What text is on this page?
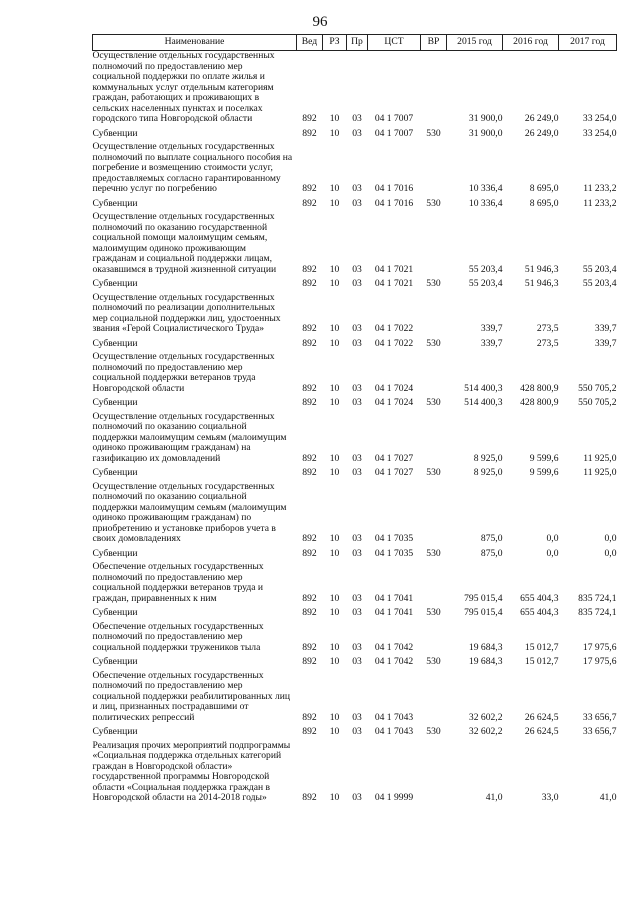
96
Наименование	Вед	РЗ	Пр	ЦСТ	ВР	2015 год	2016 год	2017 год
Осуществление отдельных государственных полномочий по предоставлению мер социальной поддержки по оплате жилья и коммунальных услуг отдельным категориям граждан, работающих и проживающих в сельских населенных пунктах и поселках городского типа Новгородской области	892	10	03	04 1 7007		31 900,0	26 249,0	33 254,0
Субвенции	892	10	03	04 1 7007	530	31 900,0	26 249,0	33 254,0
Осуществление отдельных государственных полномочий по выплате социального пособия на погребение и возмещению стоимости услуг, предоставляемых согласно гарантированному перечню услуг по погребению	892	10	03	04 1 7016		10 336,4	8 695,0	11 233,2
Субвенции	892	10	03	04 1 7016	530	10 336,4	8 695,0	11 233,2
Осуществление отдельных государственных полномочий по оказанию государственной социальной помощи малоимущим семьям, малоимущим одиноко проживающим гражданам и социальной поддержки лицам, оказавшимся в трудной жизненной ситуации	892	10	03	04 1 7021		55 203,4	51 946,3	55 203,4
Субвенции	892	10	03	04 1 7021	530	55 203,4	51 946,3	55 203,4
Осуществление отдельных государственных полномочий по реализации дополнительных мер социальной поддержки лиц, удостоенных звания «Герой Социалистического Труда»	892	10	03	04 1 7022		339,7	273,5	339,7
Субвенции	892	10	03	04 1 7022	530	339,7	273,5	339,7
Осуществление отдельных государственных полномочий по предоставлению мер социальной поддержки ветеранов труда Новгородской области	892	10	03	04 1 7024		514 400,3	428 800,9	550 705,2
Субвенции	892	10	03	04 1 7024	530	514 400,3	428 800,9	550 705,2
Осуществление отдельных государственных полномочий по оказанию социальной поддержки малоимущим семьям (малоимущим одиноко проживающим гражданам) на газификацию их домовладений	892	10	03	04 1 7027		8 925,0	9 599,6	11 925,0
Субвенции	892	10	03	04 1 7027	530	8 925,0	9 599,6	11 925,0
Осуществление отдельных государственных полномочий по оказанию социальной поддержки малоимущим семьям (малоимущим одиноко проживающим гражданам) по приобретению и установке приборов учета в своих домовладениях	892	10	03	04 1 7035		875,0	0,0	0,0
Субвенции	892	10	03	04 1 7035	530	875,0	0,0	0,0
Обеспечение отдельных государственных полномочий по предоставлению мер социальной поддержки ветеранов труда и граждан, приравненных к ним	892	10	03	04 1 7041		795 015,4	655 404,3	835 724,1
Субвенции	892	10	03	04 1 7041	530	795 015,4	655 404,3	835 724,1
Обеспечение отдельных государственных полномочий по предоставлению мер социальной поддержки тружеников тыла	892	10	03	04 1 7042		19 684,3	15 012,7	17 975,6
Субвенции	892	10	03	04 1 7042	530	19 684,3	15 012,7	17 975,6
Обеспечение отдельных государственных полномочий по предоставлению мер социальной поддержки реабилитированных лиц и лиц, признанных пострадавшими от политических репрессий	892	10	03	04 1 7043		32 602,2	26 624,5	33 656,7
Субвенции	892	10	03	04 1 7043	530	32 602,2	26 624,5	33 656,7
Реализация прочих мероприятий подпрограммы «Социальная поддержка отдельных категорий граждан в Новгородской области» государственной программы Новгородской области «Социальная поддержка граждан в Новгородской области на 2014-2018 годы»	892	10	03	04 1 9999		41,0	33,0	41,0
